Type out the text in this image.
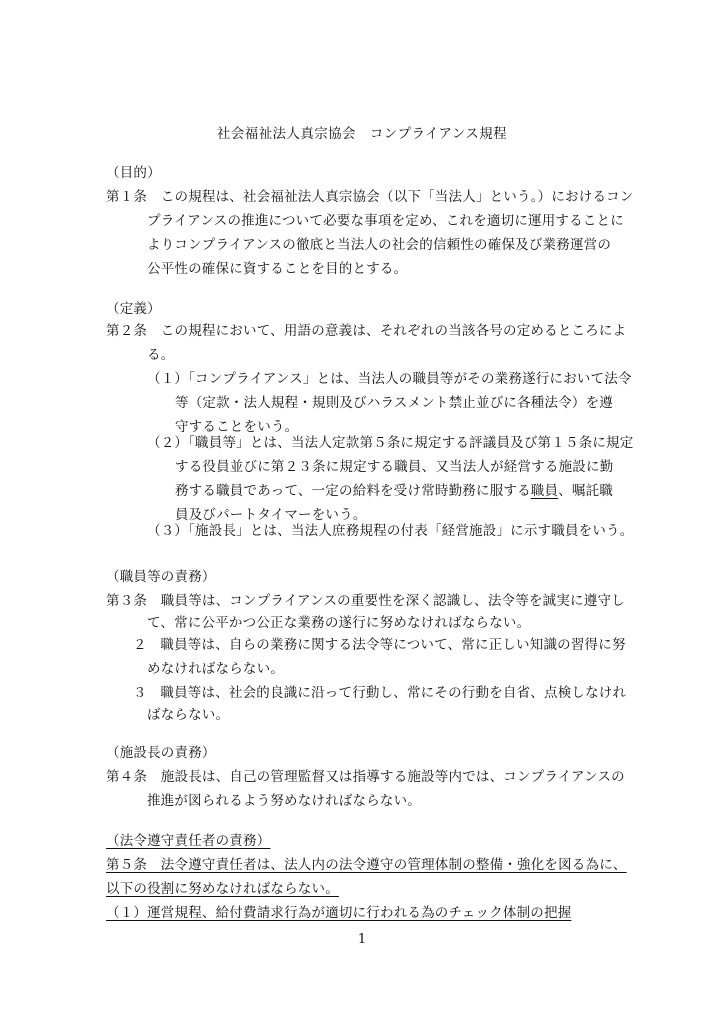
社会福祉法人真宗協会　コンプライアンス規程
（目的）
第１条　この規程は、社会福祉法人真宗協会（以下「当法人」という。）におけるコン
プライアンスの推進について必要な事項を定め、これを適切に運用することに
よりコンプライアンスの徹底と当法人の社会的信頼性の確保及び業務運営の
公平性の確保に資することを目的とする。
（定義）
第２条　この規程において、用語の意義は、それぞれの当該各号の定めるところによ
る。
（１）「コンプライアンス」とは、当法人の職員等がその業務遂行において法令
等（定款・法人規程・規則及びハラスメント禁止並びに各種法令）を遵
守することをいう。
（２）「職員等」とは、当法人定款第５条に規定する評議員及び第１５条に規定
する役員並びに第２３条に規定する職員、又当法人が経営する施設に勤
務する職員であって、一定の給料を受け常時勤務に服する職員、嘱託職
員及びパートタイマーをいう。
（３）「施設長」とは、当法人庶務規程の付表「経営施設」に示す職員をいう。
（職員等の責務）
第３条　職員等は、コンプライアンスの重要性を深く認識し、法令等を誠実に遵守し
て、常に公平かつ公正な業務の遂行に努めなければならない。
２　職員等は、自らの業務に関する法令等について、常に正しい知識の習得に努
めなければならない。
３　職員等は、社会的良識に沿って行動し、常にその行動を自省、点検しなけれ
ばならない。
（施設長の責務）
第４条　施設長は、自己の管理監督又は指導する施設等内では、コンプライアンスの
推進が図られるよう努めなければならない。
（法令遵守責任者の責務）
第５条　法令遵守責任者は、法人内の法令遵守の管理体制の整備・強化を図る為に、
以下の役割に努めなければならない。
（１）運営規程、給付費請求行為が適切に行われる為のチェック体制の把握
1
